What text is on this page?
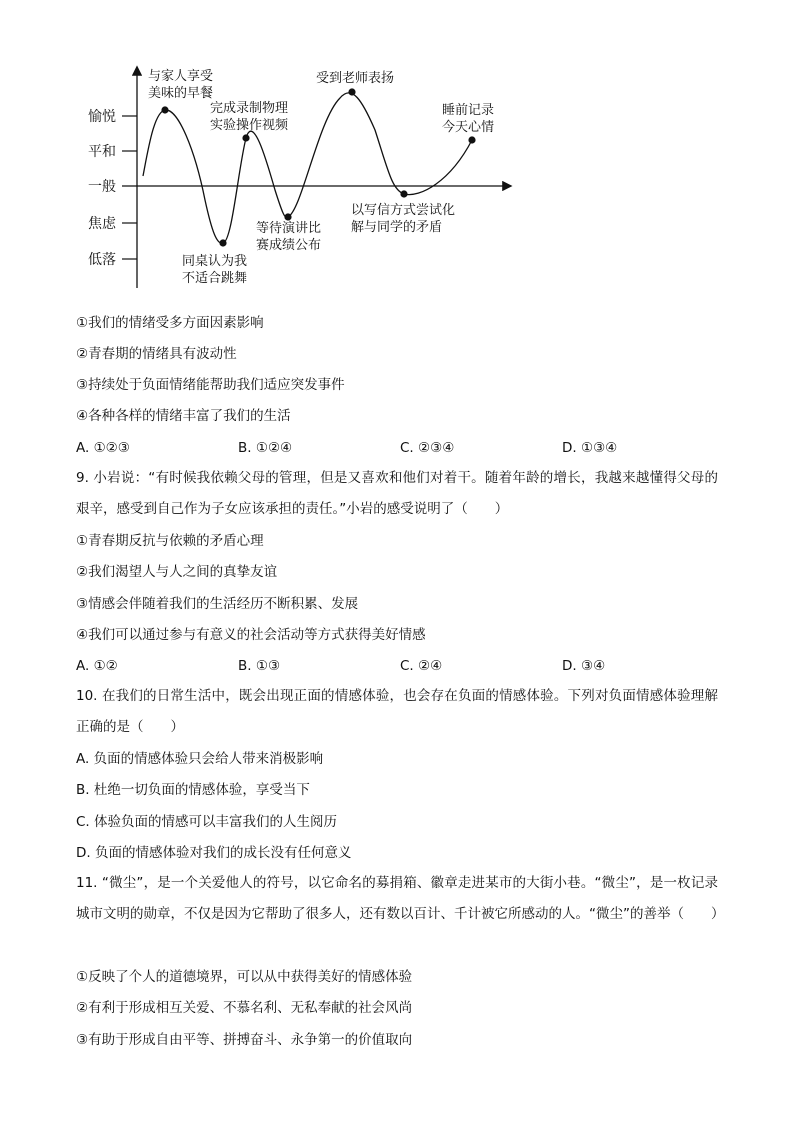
愉悦
平和
一般
焦虑
低落
与家人享受
美味的早餐
同桌认为我
不适合跳舞
完成录制物理
实验操作视频
等待演讲比
赛成绩公布
受到老师表扬
以写信方式尝试化
解与同学的矛盾
睡前记录
今天心情
①我们的情绪受多方面因素影响
②青春期的情绪具有波动性
③持续处于负面情绪能帮助我们适应突发事件
④各种各样的情绪丰富了我们的生活
A. ①②③	B. ①②④	C. ②③④	D. ①③④
9. 小岩说：“有时候我依赖父母的管理，但是又喜欢和他们对着干。随着年龄的增长，我越来越懂得父母的艰辛，感受到自己作为子女应该承担的责任。”小岩的感受说明了（　　）
①青春期反抗与依赖的矛盾心理
②我们渴望人与人之间的真挚友谊
③情感会伴随着我们的生活经历不断积累、发展
④我们可以通过参与有意义的社会活动等方式获得美好情感
A. ①②	B. ①③	C. ②④	D. ③④
10. 在我们的日常生活中，既会出现正面的情感体验，也会存在负面的情感体验。下列对负面情感体验理解正确的是（　　）
A. 负面的情感体验只会给人带来消极影响
B. 杜绝一切负面的情感体验，享受当下
C. 体验负面的情感可以丰富我们的人生阅历
D. 负面的情感体验对我们的成长没有任何意义
11. “微尘”，是一个关爱他人的符号，以它命名的募捐箱、徽章走进某市的大街小巷。“微尘”，是一枚记录城市文明的勋章，不仅是因为它帮助了很多人，还有数以百计、千计被它所感动的人。“微尘”的善举（　　）
①反映了个人的道德境界，可以从中获得美好的情感体验
②有利于形成相互关爱、不慕名利、无私奉献的社会风尚
③有助于形成自由平等、拼搏奋斗、永争第一的价值取向
